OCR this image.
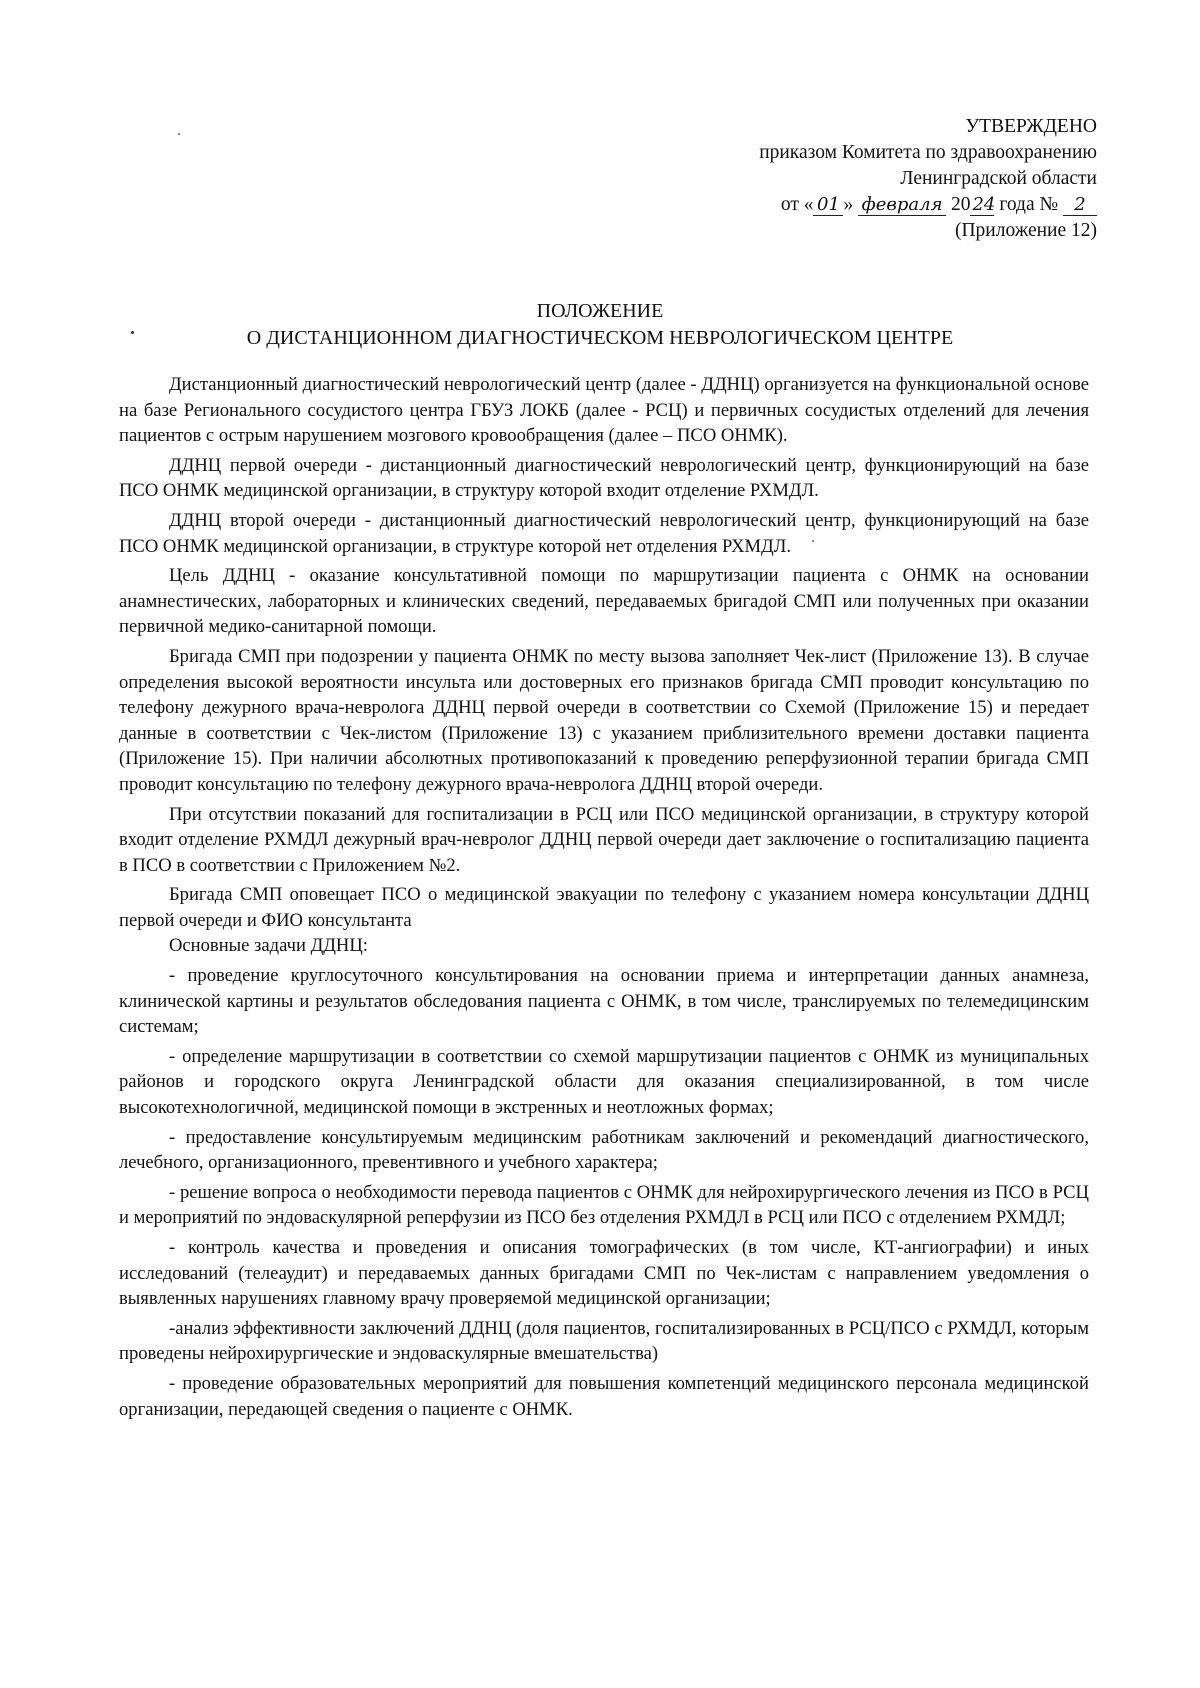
УТВЕРЖДЕНО
приказом Комитета по здравоохранению
Ленинградской области
от « 01 » февраля 20 24 года № 2
(Приложение 12)
ПОЛОЖЕНИЕ
О ДИСТАНЦИОННОМ ДИАГНОСТИЧЕСКОМ НЕВРОЛОГИЧЕСКОМ ЦЕНТРЕ

Дистанционный диагностический неврологический центр (далее - ДДНЦ) организуется на функциональной основе на базе Регионального сосудистого центра ГБУЗ ЛОКБ (далее - РСЦ) и первичных сосудистых отделений для лечения пациентов с острым нарушением мозгового кровообращения (далее – ПСО ОНМК).

ДДНЦ первой очереди - дистанционный диагностический неврологический центр, функционирующий на базе ПСО ОНМК медицинской организации, в структуру которой входит отделение РХМДЛ.

ДДНЦ второй очереди - дистанционный диагностический неврологический центр, функционирующий на базе ПСО ОНМК медицинской организации, в структуре которой нет отделения РХМДЛ.

Цель ДДНЦ - оказание консультативной помощи по маршрутизации пациента с ОНМК на основании анамнестических, лабораторных и клинических сведений, передаваемых бригадой СМП или полученных при оказании первичной медико-санитарной помощи.

Бригада СМП при подозрении у пациента ОНМК по месту вызова заполняет Чек-лист (Приложение 13). В случае определения высокой вероятности инсульта или достоверных его признаков бригада СМП проводит консультацию по телефону дежурного врача-невролога ДДНЦ первой очереди в соответствии со Схемой (Приложение 15) и передает данные в соответствии с Чек-листом (Приложение 13) с указанием приблизительного времени доставки пациента (Приложение 15). При наличии абсолютных противопоказаний к проведению реперфузионной терапии бригада СМП проводит консультацию по телефону дежурного врача-невролога ДДНЦ второй очереди.

При отсутствии показаний для госпитализации в РСЦ или ПСО медицинской организации, в структуру которой входит отделение РХМДЛ дежурный врач-невролог ДДНЦ первой очереди дает заключение о госпитализацию пациента в ПСО в соответствии с Приложением №2.

Бригада СМП оповещает ПСО о медицинской эвакуации по телефону с указанием номера консультации ДДНЦ первой очереди и ФИО консультанта

Основные задачи ДДНЦ:

- проведение круглосуточного консультирования на основании приема и интерпретации данных анамнеза, клинической картины и результатов обследования пациента с ОНМК, в том числе, транслируемых по телемедицинским системам;

- определение маршрутизации в соответствии со схемой маршрутизации пациентов с ОНМК из муниципальных районов и городского округа Ленинградской области для оказания специализированной, в том числе высокотехнологичной, медицинской помощи в экстренных и неотложных формах;

- предоставление консультируемым медицинским работникам заключений и рекомендаций диагностического, лечебного, организационного, превентивного и учебного характера;

- решение вопроса о необходимости перевода пациентов с ОНМК для нейрохирургического лечения из ПСО в РСЦ и мероприятий по эндоваскулярной реперфузии из ПСО без отделения РХМДЛ в РСЦ или ПСО с отделением РХМДЛ;

- контроль качества и проведения и описания томографических (в том числе, КТ-ангиографии) и иных исследований (телеаудит) и передаваемых данных бригадами СМП по Чек-листам с направлением уведомления о выявленных нарушениях главному врачу проверяемой медицинской организации;

-анализ эффективности заключений ДДНЦ (доля пациентов, госпитализированных в РСЦ/ПСО с РХМДЛ, которым проведены нейрохирургические и эндоваскулярные вмешательства)

- проведение образовательных мероприятий для повышения компетенций медицинского персонала медицинской организации, передающей сведения о пациенте с ОНМК.
